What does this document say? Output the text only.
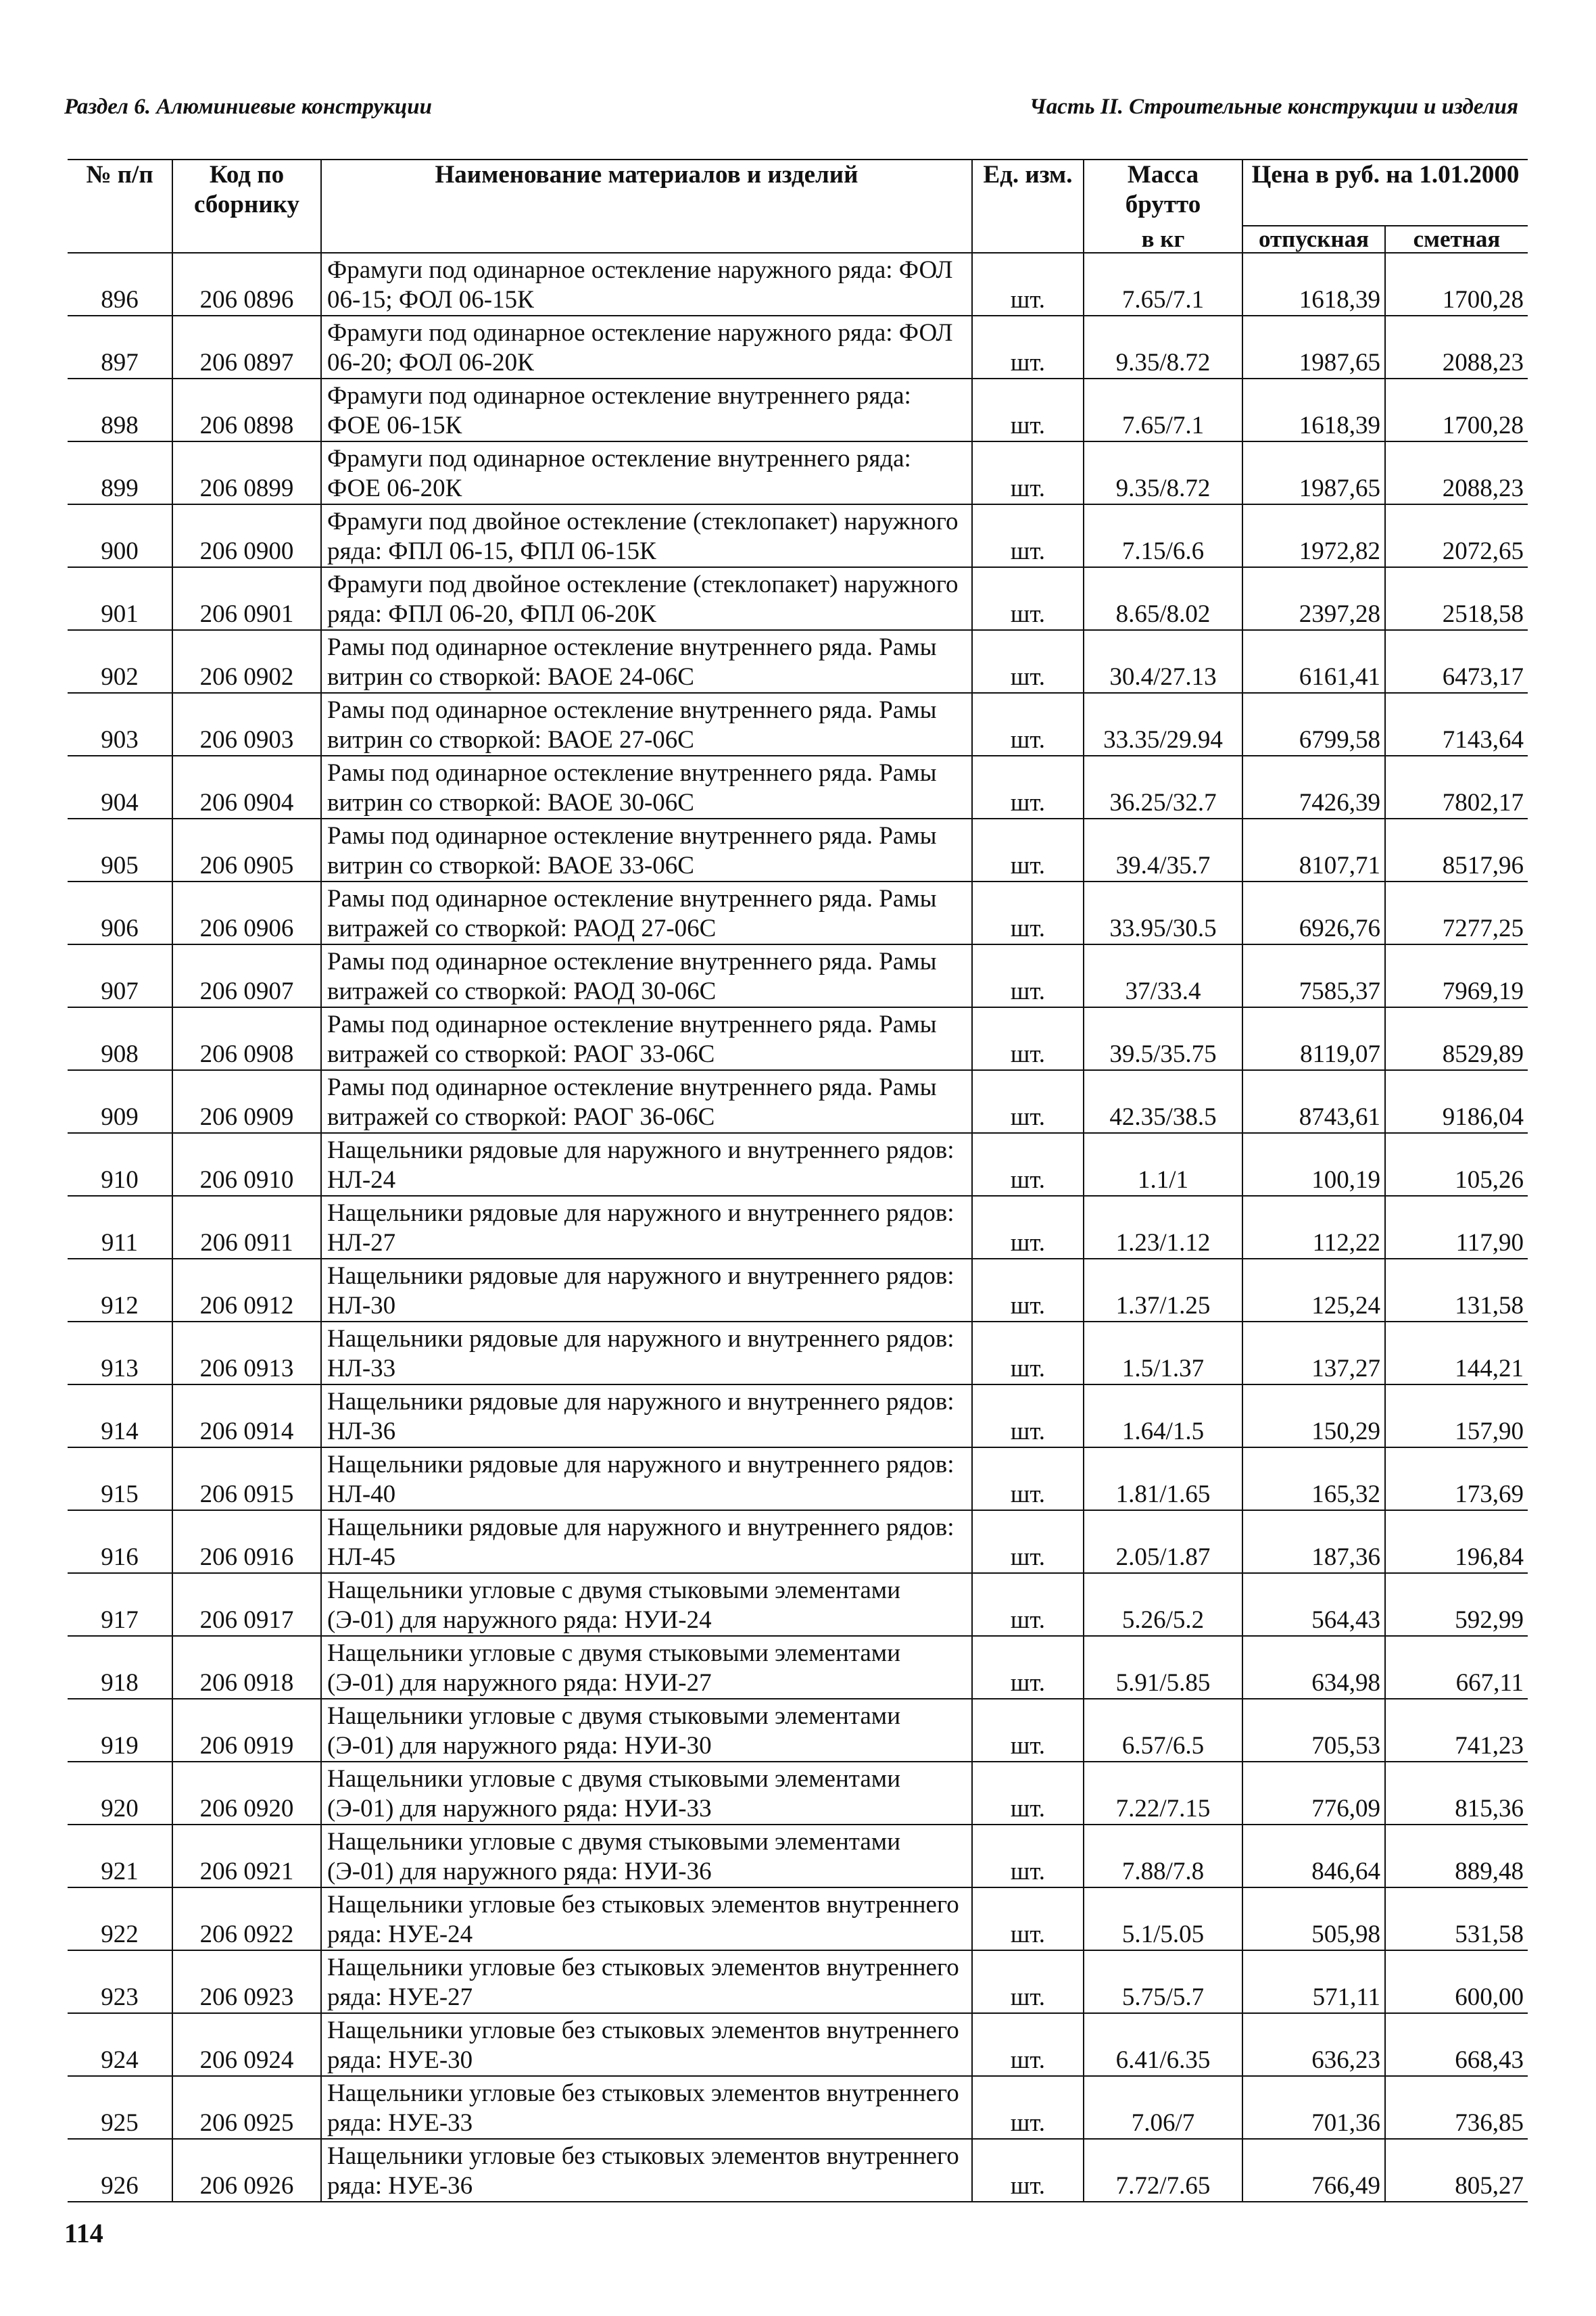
Раздел 6. Алюминиевые конструкции	Часть II. Строительные конструкции и изделия
№ п/п	Код по сборнику	Наименование материалов и изделий	Ед. изм.	Масса брутто	Цена в руб. на 1.01.2000	
				в кг	отпускная	сметная
896	206 0896	Фрамуги под одинарное остекление наружного ряда: ФОЛ 06-15; ФОЛ 06-15К	шт.	7.65/7.1	1618,39	1700,28
897	206 0897	Фрамуги под одинарное остекление наружного ряда: ФОЛ 06-20; ФОЛ 06-20К	шт.	9.35/8.72	1987,65	2088,23
898	206 0898	Фрамуги под одинарное остекление внутреннего ряда: ФОЕ 06-15К	шт.	7.65/7.1	1618,39	1700,28
899	206 0899	Фрамуги под одинарное остекление внутреннего ряда: ФОЕ 06-20К	шт.	9.35/8.72	1987,65	2088,23
900	206 0900	Фрамуги под двойное остекление (стеклопакет) наружного ряда: ФПЛ 06-15, ФПЛ 06-15К	шт.	7.15/6.6	1972,82	2072,65
901	206 0901	Фрамуги под двойное остекление (стеклопакет) наружного ряда: ФПЛ 06-20, ФПЛ 06-20К	шт.	8.65/8.02	2397,28	2518,58
902	206 0902	Рамы под одинарное остекление внутреннего ряда. Рамы витрин со створкой: ВАОЕ 24-06С	шт.	30.4/27.13	6161,41	6473,17
903	206 0903	Рамы под одинарное остекление внутреннего ряда. Рамы витрин со створкой: ВАОЕ 27-06С	шт.	33.35/29.94	6799,58	7143,64
904	206 0904	Рамы под одинарное остекление внутреннего ряда. Рамы витрин со створкой: ВАОЕ 30-06С	шт.	36.25/32.7	7426,39	7802,17
905	206 0905	Рамы под одинарное остекление внутреннего ряда. Рамы витрин со створкой: ВАОЕ 33-06С	шт.	39.4/35.7	8107,71	8517,96
906	206 0906	Рамы под одинарное остекление внутреннего ряда. Рамы витражей со створкой: РАОД 27-06С	шт.	33.95/30.5	6926,76	7277,25
907	206 0907	Рамы под одинарное остекление внутреннего ряда. Рамы витражей со створкой: РАОД 30-06С	шт.	37/33.4	7585,37	7969,19
908	206 0908	Рамы под одинарное остекление внутреннего ряда. Рамы витражей со створкой: РАОГ 33-06С	шт.	39.5/35.75	8119,07	8529,89
909	206 0909	Рамы под одинарное остекление внутреннего ряда. Рамы витражей со створкой: РАОГ 36-06С	шт.	42.35/38.5	8743,61	9186,04
910	206 0910	Нащельники рядовые для наружного и внутреннего рядов: НЛ-24	шт.	1.1/1	100,19	105,26
911	206 0911	Нащельники рядовые для наружного и внутреннего рядов: НЛ-27	шт.	1.23/1.12	112,22	117,90
912	206 0912	Нащельники рядовые для наружного и внутреннего рядов: НЛ-30	шт.	1.37/1.25	125,24	131,58
913	206 0913	Нащельники рядовые для наружного и внутреннего рядов: НЛ-33	шт.	1.5/1.37	137,27	144,21
914	206 0914	Нащельники рядовые для наружного и внутреннего рядов: НЛ-36	шт.	1.64/1.5	150,29	157,90
915	206 0915	Нащельники рядовые для наружного и внутреннего рядов: НЛ-40	шт.	1.81/1.65	165,32	173,69
916	206 0916	Нащельники рядовые для наружного и внутреннего рядов: НЛ-45	шт.	2.05/1.87	187,36	196,84
917	206 0917	Нащельники угловые с двумя стыковыми элементами (Э-01) для наружного ряда: НУИ-24	шт.	5.26/5.2	564,43	592,99
918	206 0918	Нащельники угловые с двумя стыковыми элементами (Э-01) для наружного ряда: НУИ-27	шт.	5.91/5.85	634,98	667,11
919	206 0919	Нащельники угловые с двумя стыковыми элементами (Э-01) для наружного ряда: НУИ-30	шт.	6.57/6.5	705,53	741,23
920	206 0920	Нащельники угловые с двумя стыковыми элементами (Э-01) для наружного ряда: НУИ-33	шт.	7.22/7.15	776,09	815,36
921	206 0921	Нащельники угловые с двумя стыковыми элементами (Э-01) для наружного ряда: НУИ-36	шт.	7.88/7.8	846,64	889,48
922	206 0922	Нащельники угловые без стыковых элементов внутреннего ряда: НУЕ-24	шт.	5.1/5.05	505,98	531,58
923	206 0923	Нащельники угловые без стыковых элементов внутреннего ряда: НУЕ-27	шт.	5.75/5.7	571,11	600,00
924	206 0924	Нащельники угловые без стыковых элементов внутреннего ряда: НУЕ-30	шт.	6.41/6.35	636,23	668,43
925	206 0925	Нащельники угловые без стыковых элементов внутреннего ряда: НУЕ-33	шт.	7.06/7	701,36	736,85
926	206 0926	Нащельники угловые без стыковых элементов внутреннего ряда: НУЕ-36	шт.	7.72/7.65	766,49	805,27
114
